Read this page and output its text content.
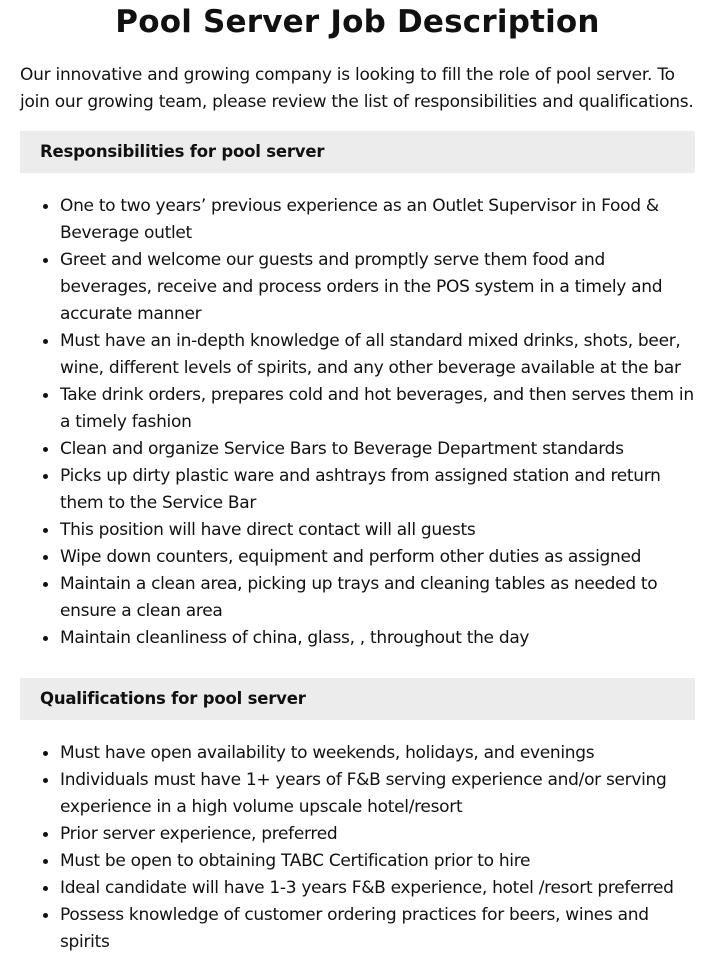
Pool Server Job Description

Our innovative and growing company is looking to fill the role of pool server. To join our growing team, please review the list of responsibilities and qualifications.

Responsibilities for pool server
One to two years’ previous experience as an Outlet Supervisor in Food & Beverage outlet
Greet and welcome our guests and promptly serve them food and beverages, receive and process orders in the POS system in a timely and accurate manner
Must have an in-depth knowledge of all standard mixed drinks, shots, beer, wine, different levels of spirits, and any other beverage available at the bar
Take drink orders, prepares cold and hot beverages, and then serves them in a timely fashion
Clean and organize Service Bars to Beverage Department standards
Picks up dirty plastic ware and ashtrays from assigned station and return them to the Service Bar
This position will have direct contact will all guests
Wipe down counters, equipment and perform other duties as assigned
Maintain a clean area, picking up trays and cleaning tables as needed to ensure a clean area
Maintain cleanliness of china, glass, , throughout the day
Qualifications for pool server
Must have open availability to weekends, holidays, and evenings
Individuals must have 1+ years of F&B serving experience and/or serving experience in a high volume upscale hotel/resort
Prior server experience, preferred
Must be open to obtaining TABC Certification prior to hire
Ideal candidate will have 1-3 years F&B experience, hotel /resort preferred
Possess knowledge of customer ordering practices for beers, wines and spirits
